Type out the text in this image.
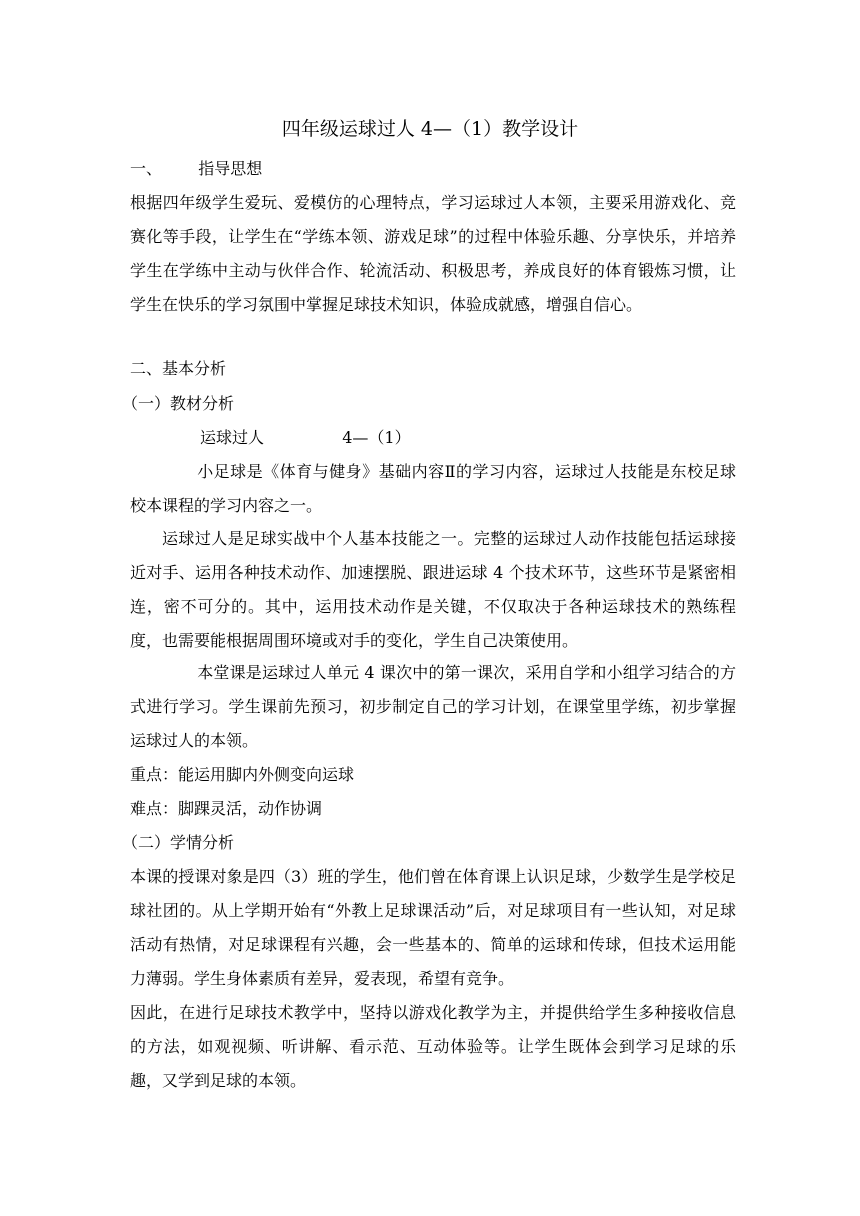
四年级运球过人 4—（1）教学设计
一、 指导思想

根据四年级学生爱玩、爱模仿的心理特点，学习运球过人本领，主要采用游戏化、竞赛化等手段，让学生在“学练本领、游戏足球”的过程中体验乐趣、分享快乐，并培养学生在学练中主动与伙伴合作、轮流活动、积极思考，养成良好的体育锻炼习惯，让学生在快乐的学习氛围中掌握足球技术知识，体验成就感，增强自信心。

二、基本分析
（一）教材分析
运球过人	4—（1）

小足球是《体育与健身》基础内容Ⅱ的学习内容，运球过人技能是东校足球校本课程的学习内容之一。

运球过人是足球实战中个人基本技能之一。完整的运球过人动作技能包括运球接近对手、运用各种技术动作、加速摆脱、跟进运球 4 个技术环节，这些环节是紧密相连，密不可分的。其中，运用技术动作是关键，不仅取决于各种运球技术的熟练程度，也需要能根据周围环境或对手的变化，学生自己决策使用。

本堂课是运球过人单元 4 课次中的第一课次，采用自学和小组学习结合的方式进行学习。学生课前先预习，初步制定自己的学习计划，在课堂里学练，初步掌握运球过人的本领。

重点：能运用脚内外侧变向运球
难点：脚踝灵活，动作协调
（二）学情分析

本课的授课对象是四（3）班的学生，他们曾在体育课上认识足球，少数学生是学校足球社团的。从上学期开始有“外教上足球课活动”后，对足球项目有一些认知，对足球活动有热情，对足球课程有兴趣，会一些基本的、简单的运球和传球，但技术运用能力薄弱。学生身体素质有差异，爱表现，希望有竞争。

因此，在进行足球技术教学中，坚持以游戏化教学为主，并提供给学生多种接收信息的方法，如观视频、听讲解、看示范、互动体验等。让学生既体会到学习足球的乐趣，又学到足球的本领。
